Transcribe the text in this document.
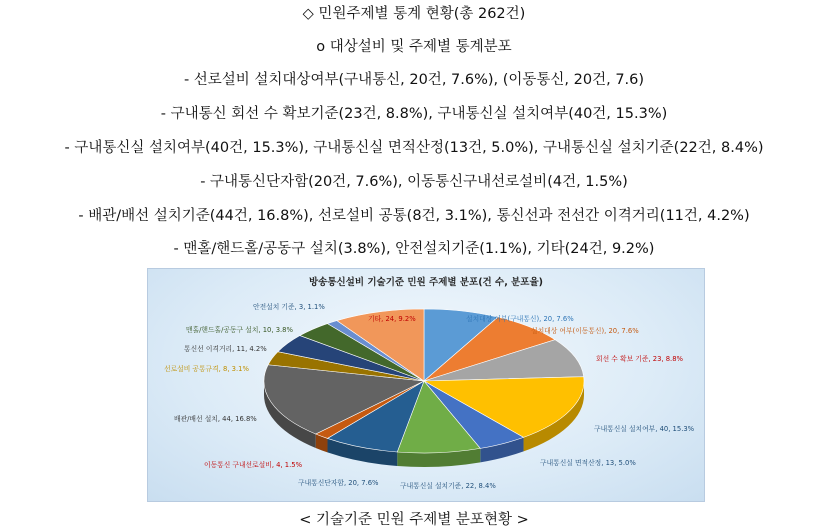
◇ 민원주제별 통계 현황(총 262건)
o 대상설비 및 주제별 통계분포
- 선로설비 설치대상여부(구내통신, 20건, 7.6%), (이동통신, 20건, 7.6)
- 구내통신 회선 수 확보기준(23건, 8.8%), 구내통신실 설치여부(40건, 15.3%)
- 구내통신실 설치여부(40건, 15.3%), 구내통신실 면적산정(13건, 5.0%), 구내통신실 설치기준(22건, 8.4%)
- 구내통신단자함(20건, 7.6%), 이동통신구내선로설비(4건, 1.5%)
- 배관/배선 설치기준(44건, 16.8%), 선로설비 공통(8건, 3.1%), 통신선과 전선간 이격거리(11건, 4.2%)
- 맨홀/핸드홀/공동구 설치(3.8%), 안전설치기준(1.1%), 기타(24건, 9.2%)
방송통신설비 기술기준 민원 주제별 분포(건 수, 분포율)
설치대상 여부(구내통신), 20, 7.6%
설치대상 여부(이동통신), 20, 7.6%
회선 수 확보 기준, 23, 8.8%
구내통신실 설치여부, 40, 15.3%
구내통신실 면적산정, 13, 5.0%
구내통신실 설치기준, 22, 8.4%
구내통신단자함, 20, 7.6%
이동통신 구내선로설비, 4, 1.5%
배관/배선 설치, 44, 16.8%
선로설비 공통규격, 8, 3.1%
통신선 이격거리, 11, 4.2%
맨홀/핸드홀/공동구 설치, 10, 3.8%
안전설치 기준, 3, 1.1%
기타, 24, 9.2%
< 기술기준 민원 주제별 분포현황 >
